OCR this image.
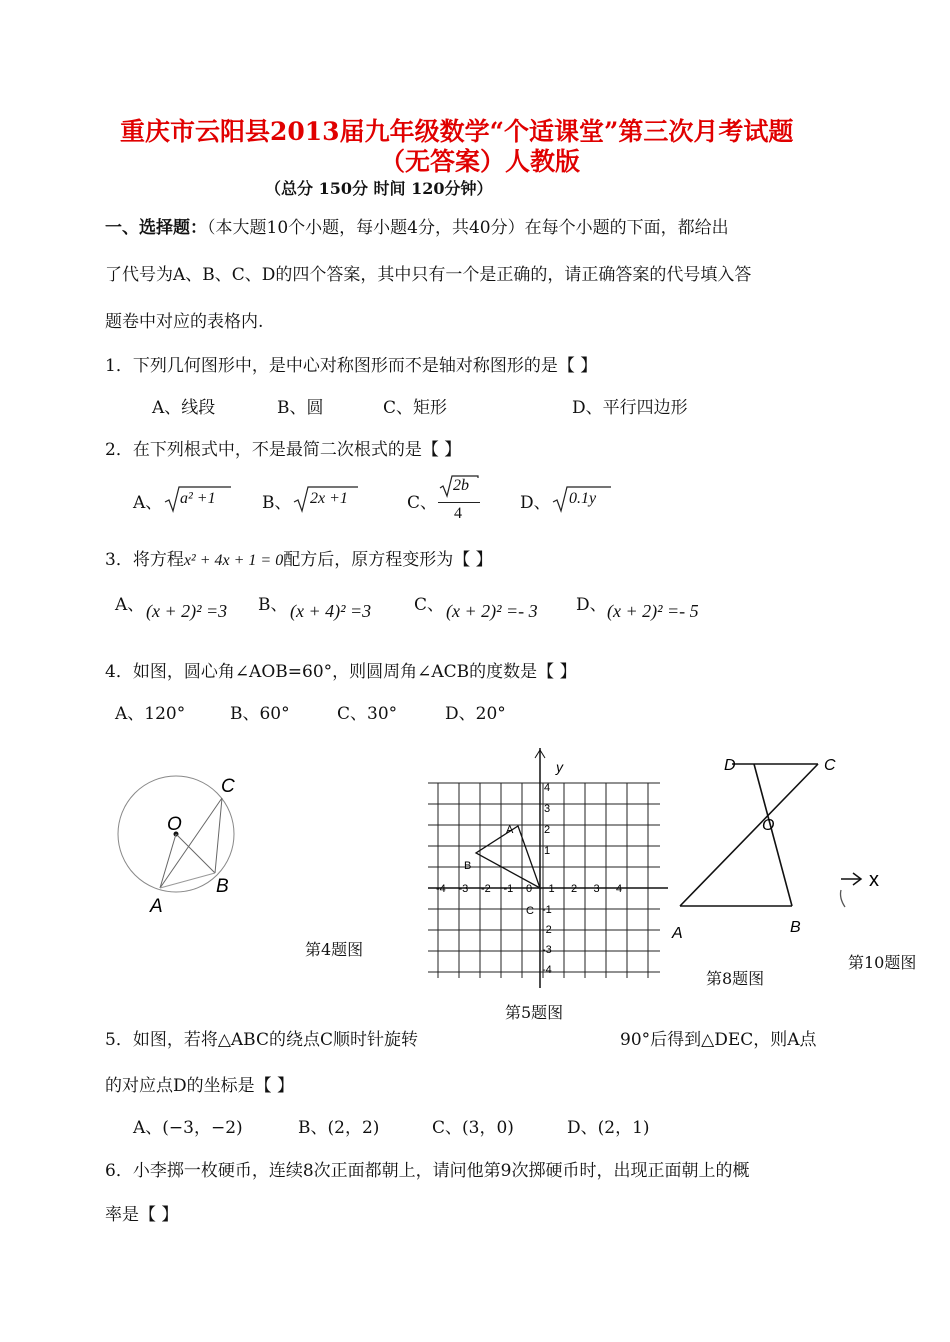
重庆市云阳县2013届九年级数学“个适课堂”第三次月考试题
（无答案）人教版
（总分 150分 时间 120分钟）
一、选择题：（本大题10个小题，每小题4分，共40分）在每个小题的下面，都给出
了代号为A、B、C、D的四个答案，其中只有一个是正确的，请正确答案的代号填入答
题卷中对应的表格内.
1．下列几何图形中，是中心对称图形而不是轴对称图形的是【 】
A、线段	B、圆	C、矩形	D、平行四边形
2．在下列根式中，不是最简二次根式的是【 】
A、 a² +1	B、 2x +1	C、
2b
4
D、 0.1y
3．将方程x² + 4x + 1 = 0配方后，原方程变形为【 】
A、 (x + 2)² =3 B、 (x + 4)² =3	C、 (x + 2)² =- 3 D、 (x + 2)² =- 5
4．如图，圆心角∠AOB=60°，则圆周角∠ACB的度数是【 】
A、120°	B、60°	C、30°	D、20°
O
A
B
C
第4题图
y
-4 -3 -2 -1 0 1 2 3 4
4
3
2
1
-1
-2
-3
-4
A
B
C
第5题图
D	C
O
A	B
第8题图
x
第10题图
5．如图，若将△ABC的绕点C顺时针旋转	90°后得到△DEC，则A点
的对应点D的坐标是【 】
A、(−3，−2)	B、(2，2)	C、(3，0)	D、(2，1)
6．小李掷一枚硬币，连续8次正面都朝上，请问他第9次掷硬币时，出现正面朝上的概
率是【 】
